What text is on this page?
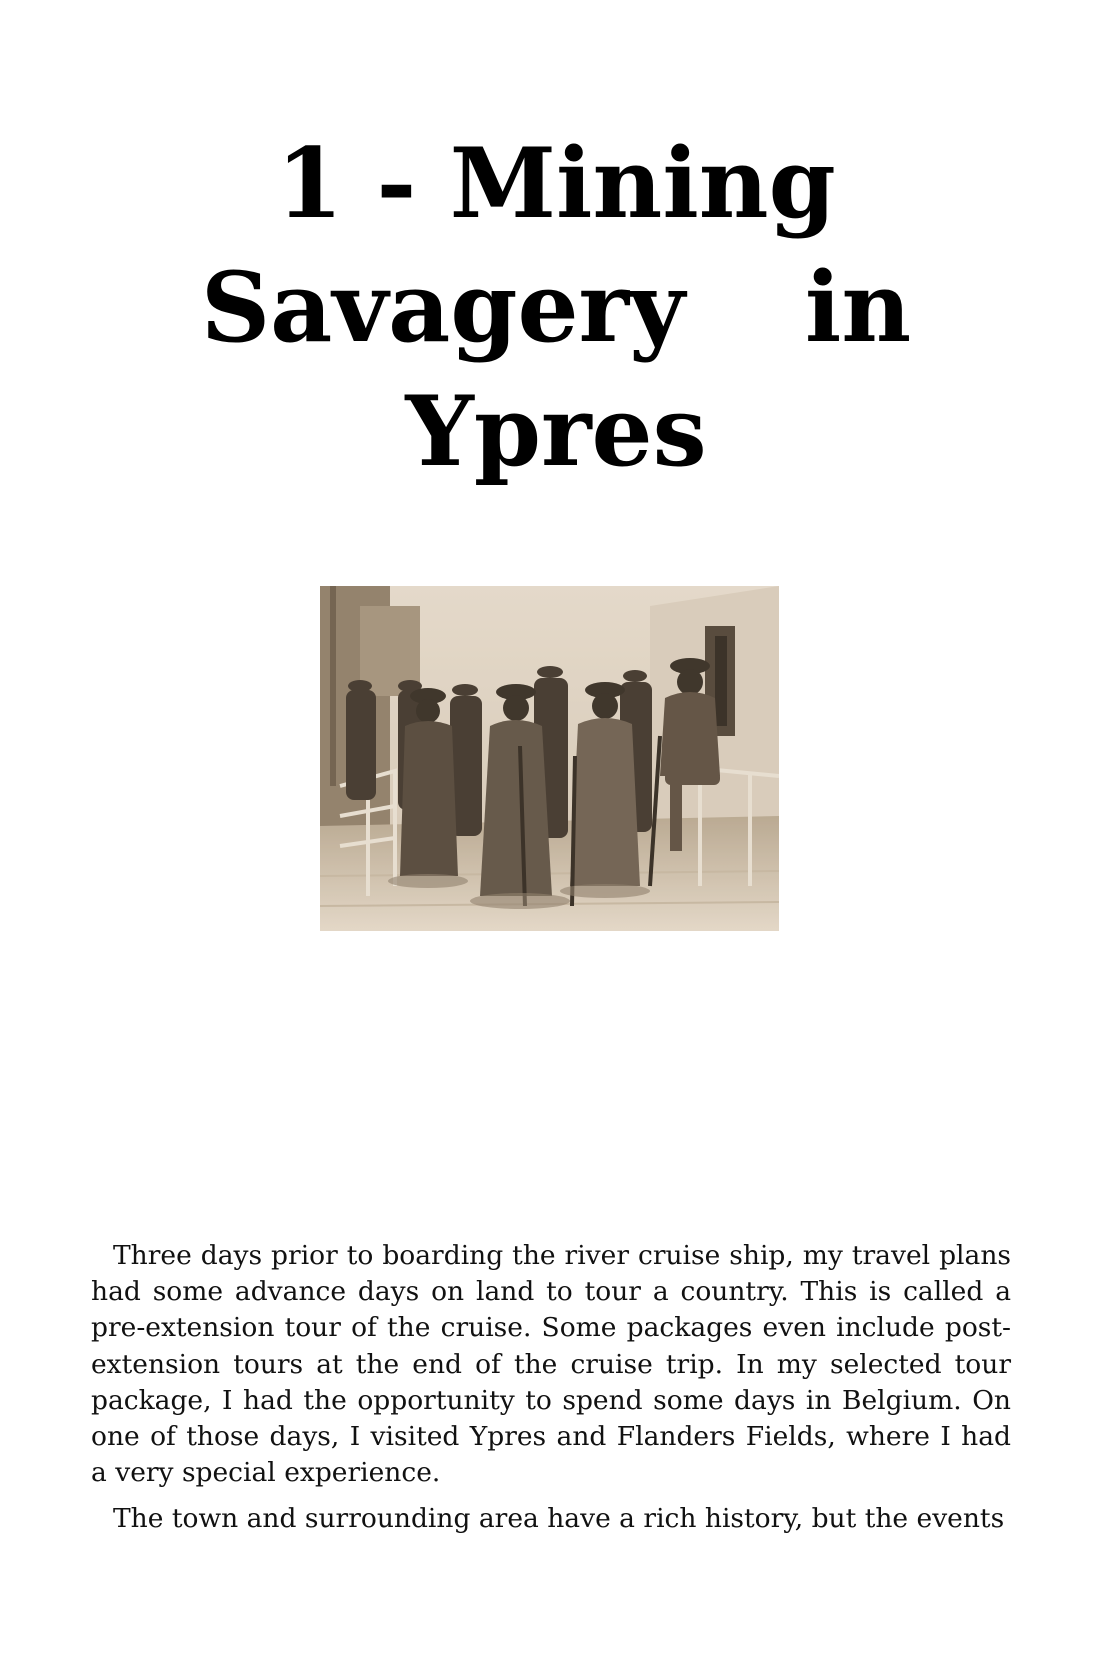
1 - Mining
Savagery in
Ypres

Three days prior to boarding the river cruise ship, my travel plans had some advance days on land to tour a country. This is called a pre-extension tour of the cruise. Some packages even include post-extension tours at the end of the cruise trip. In my selected tour package, I had the opportunity to spend some days in Belgium. On one of those days, I visited Ypres and Flanders Fields, where I had a very special experience.

The town and surrounding area have a rich history, but the events
